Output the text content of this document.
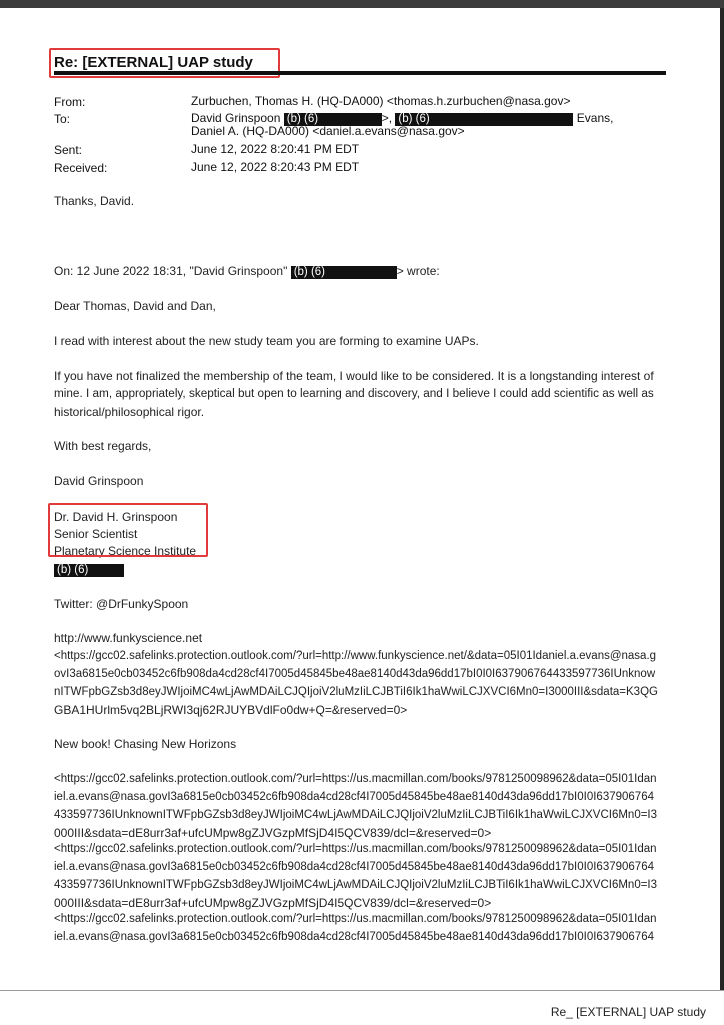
Re: [EXTERNAL] UAP study
From:	Zurbuchen, Thomas H. (HQ-DA000) <thomas.h.zurbuchen@nasa.gov>
To:	David Grinspoon (b) (6)	>, (b) (6)	Evans,
Daniel A. (HQ-DA000) <daniel.a.evans@nasa.gov>
Sent:	June 12, 2022 8:20:41 PM EDT
Received:	June 12, 2022 8:20:43 PM EDT
Thanks, David.
On: 12 June 2022 18:31, "David Grinspoon" (b) (6)	> wrote:
Dear Thomas, David and Dan,
I read with interest about the new study team you are forming to examine UAPs.
If you have not finalized the membership of the team, I would like to be considered. It is a longstanding interest of
mine. I am, appropriately, skeptical but open to learning and discovery, and I believe I could add scientific as well as
historical/philosophical rigor.
With best regards,
David Grinspoon
Dr. David H. Grinspoon
Senior Scientist
Planetary Science Institute
(b) (6)
Twitter: @DrFunkySpoon
http://www.funkyscience.net
<https://gcc02.safelinks.protection.outlook.com/?url=http://www.funkyscience.net/&data=05I01Idaniel.a.evans@nasa.g
ovI3a6815e0cb03452c6fb908da4cd28cf4I7005d45845be48ae8140d43da96dd17bI0I0I637906764433597736IUnknow
nITWFpbGZsb3d8eyJWIjoiMC4wLjAwMDAiLCJQIjoiV2luMzIiLCJBTiI6Ik1haWwiLCJXVCI6Mn0=I3000III&sdata=K3QG
GBA1HUrlm5vq2BLjRWI3qj62RJUYBVdlFo0dw+Q=&reserved=0>
New book! Chasing New Horizons
<https://gcc02.safelinks.protection.outlook.com/?url=https://us.macmillan.com/books/9781250098962&data=05I01Idan
iel.a.evans@nasa.govI3a6815e0cb03452c6fb908da4cd28cf4I7005d45845be48ae8140d43da96dd17bI0I0I637906764
433597736IUnknownITWFpbGZsb3d8eyJWIjoiMC4wLjAwMDAiLCJQIjoiV2luMzIiLCJBTiI6Ik1haWwiLCJXVCI6Mn0=I3
000III&sdata=dE8urr3af+ufcUMpw8gZJVGzpMfSjD4I5QCV839/dcl=&reserved=0>
<https://gcc02.safelinks.protection.outlook.com/?url=https://us.macmillan.com/books/9781250098962&data=05I01Idan
iel.a.evans@nasa.govI3a6815e0cb03452c6fb908da4cd28cf4I7005d45845be48ae8140d43da96dd17bI0I0I637906764
433597736IUnknownITWFpbGZsb3d8eyJWIjoiMC4wLjAwMDAiLCJQIjoiV2luMzIiLCJBTiI6Ik1haWwiLCJXVCI6Mn0=I3
000III&sdata=dE8urr3af+ufcUMpw8gZJVGzpMfSjD4I5QCV839/dcl=&reserved=0>
<https://gcc02.safelinks.protection.outlook.com/?url=https://us.macmillan.com/books/9781250098962&data=05I01Idan
iel.a.evans@nasa.govI3a6815e0cb03452c6fb908da4cd28cf4I7005d45845be48ae8140d43da96dd17bI0I0I637906764
Re_ [EXTERNAL] UAP study
